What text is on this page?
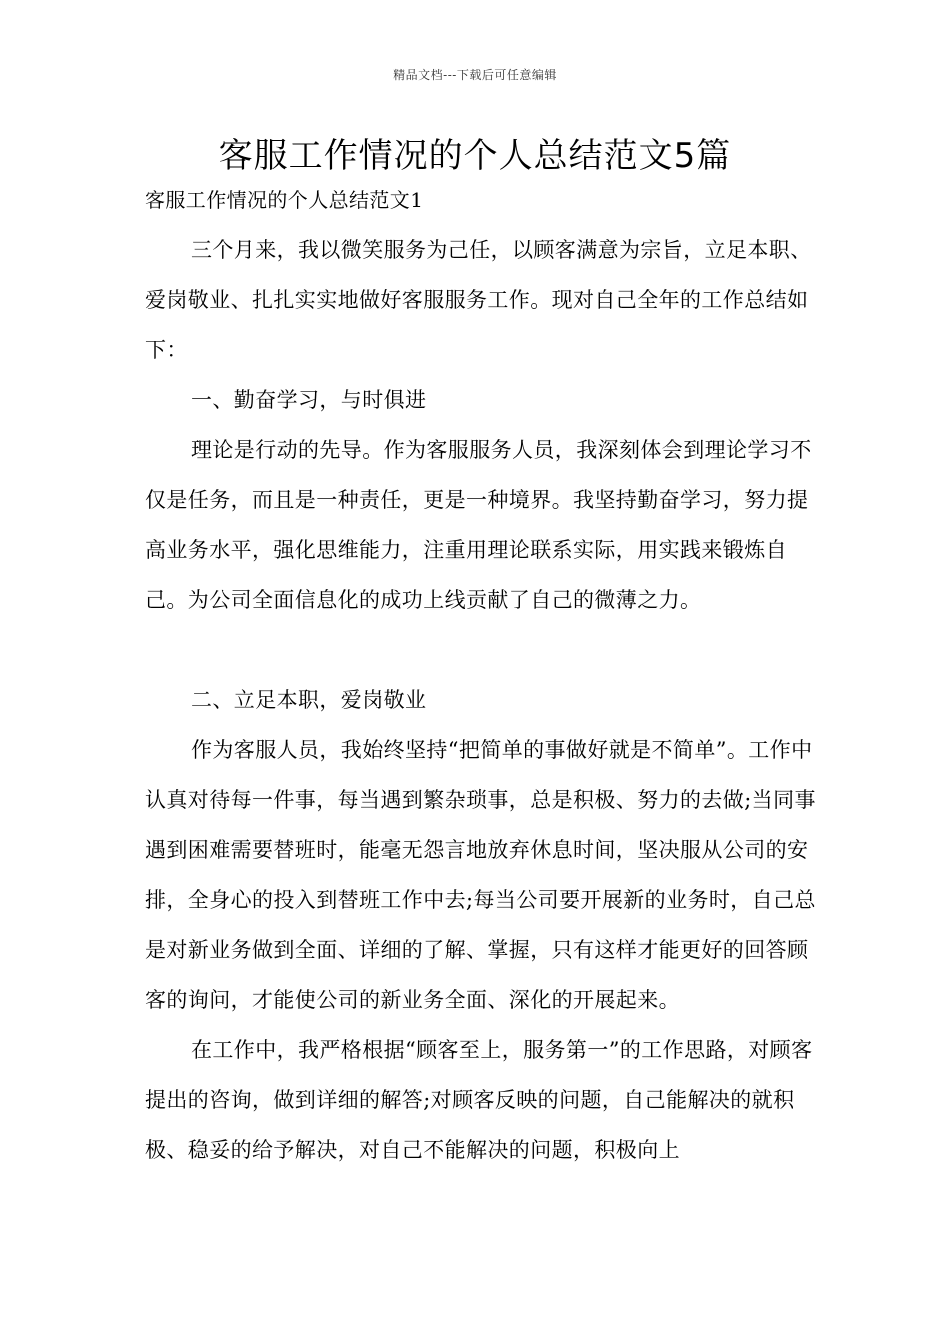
精品文档---下载后可任意编辑
客服工作情况的个人总结范文5篇
客服工作情况的个人总结范文1

三个月来，我以微笑服务为己任，以顾客满意为宗旨，立足本职、爱岗敬业、扎扎实实地做好客服服务工作。现对自己全年的工作总结如下：

一、勤奋学习，与时俱进

理论是行动的先导。作为客服服务人员，我深刻体会到理论学习不仅是任务，而且是一种责任，更是一种境界。我坚持勤奋学习，努力提高业务水平，强化思维能力，注重用理论联系实际，用实践来锻炼自己。为公司全面信息化的成功上线贡献了自己的微薄之力。

二、立足本职，爱岗敬业

作为客服人员，我始终坚持“把简单的事做好就是不简单”。工作中认真对待每一件事，每当遇到繁杂琐事，总是积极、努力的去做;当同事遇到困难需要替班时，能毫无怨言地放弃休息时间，坚决服从公司的安排，全身心的投入到替班工作中去;每当公司要开展新的业务时，自己总是对新业务做到全面、详细的了解、掌握，只有这样才能更好的回答顾客的询问，才能使公司的新业务全面、深化的开展起来。

在工作中，我严格根据“顾客至上，服务第一”的工作思路，对顾客提出的咨询，做到详细的解答;对顾客反映的问题，自己能解决的就积极、稳妥的给予解决，对自己不能解决的问题，积极向上
